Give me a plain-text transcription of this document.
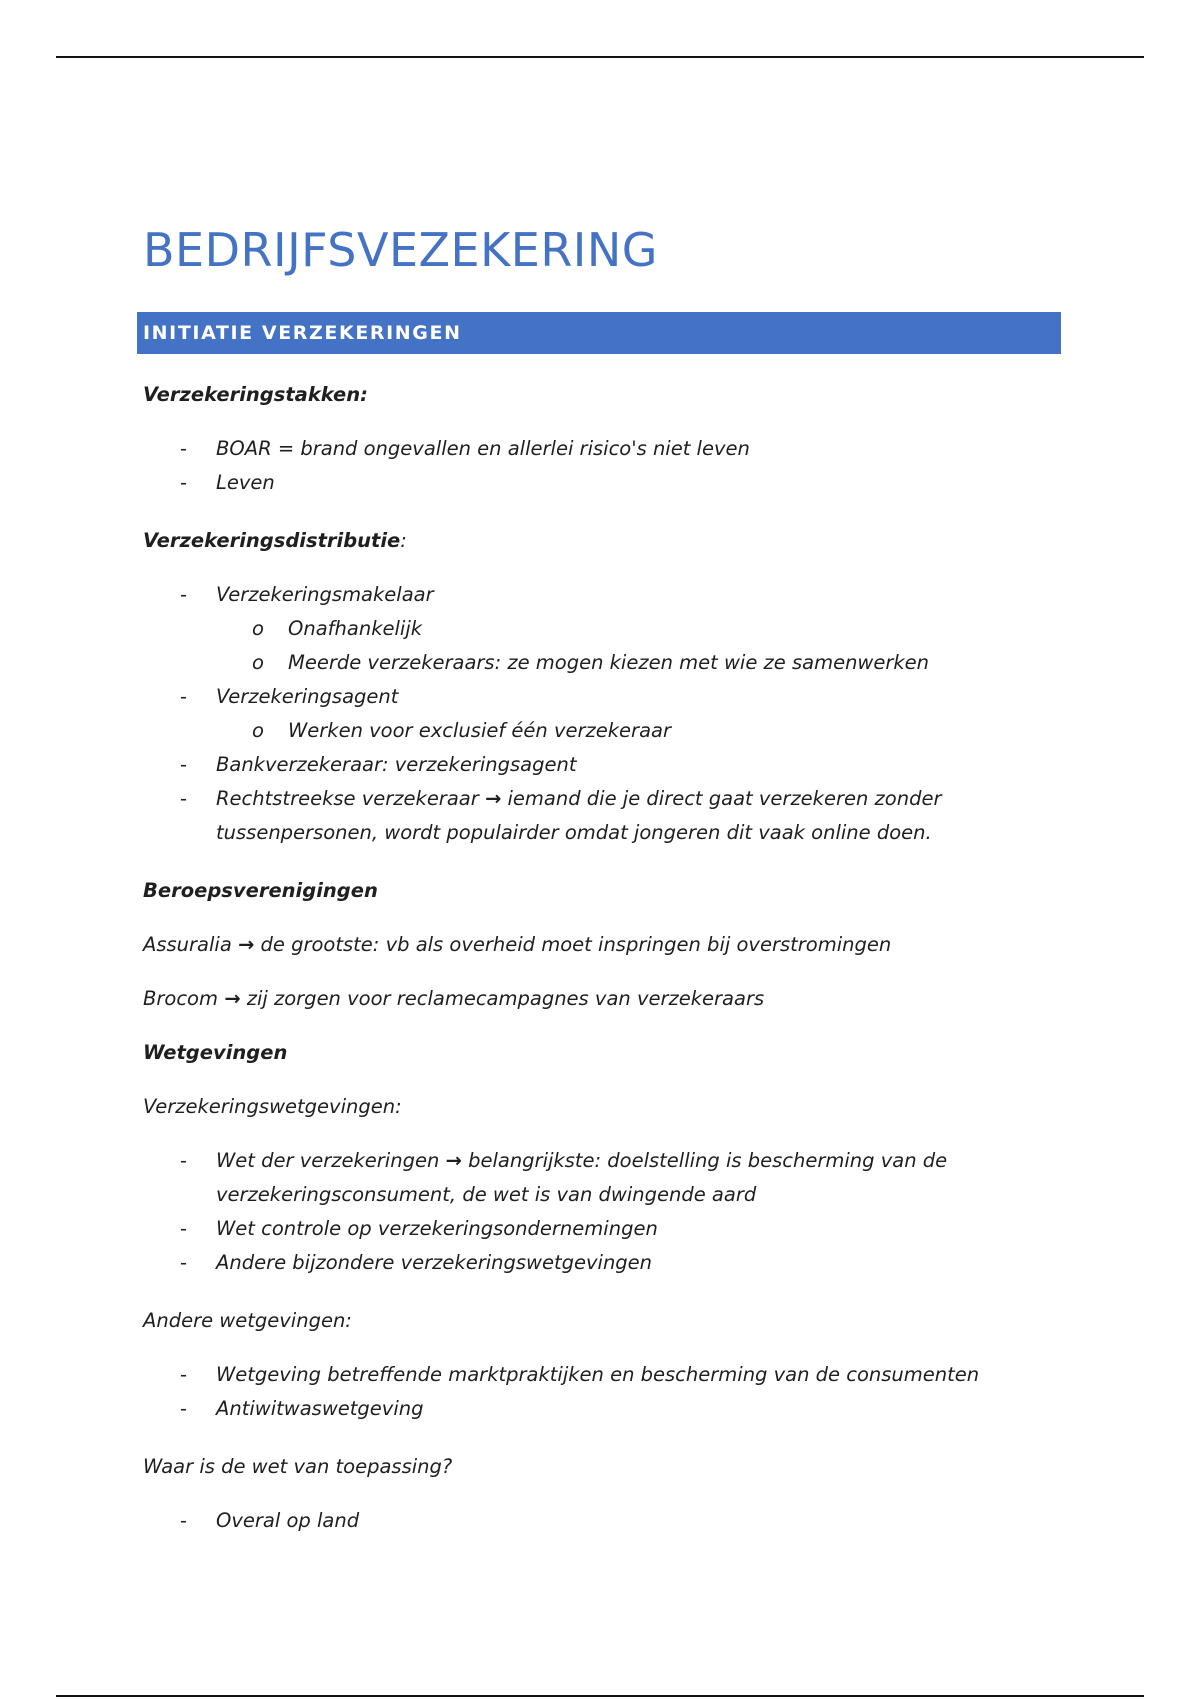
BEDRIJFSVEZEKERING
INITIATIE VERZEKERINGEN

Verzekeringstakken:

- BOAR = brand ongevallen en allerlei risico's niet leven
- Leven

Verzekeringsdistributie:

- Verzekeringsmakelaar
o Onafhankelijk
o Meerde verzekeraars: ze mogen kiezen met wie ze samenwerken
- Verzekeringsagent
o Werken voor exclusief één verzekeraar
- Bankverzekeraar: verzekeringsagent
- Rechtstreekse verzekeraar → iemand die je direct gaat verzekeren zonder
tussenpersonen, wordt populairder omdat jongeren dit vaak online doen.

Beroepsverenigingen

Assuralia → de grootste: vb als overheid moet inspringen bij overstromingen

Brocom → zij zorgen voor reclamecampagnes van verzekeraars

Wetgevingen

Verzekeringswetgevingen:

- Wet der verzekeringen → belangrijkste: doelstelling is bescherming van de
verzekeringsconsument, de wet is van dwingende aard
- Wet controle op verzekeringsondernemingen
- Andere bijzondere verzekeringswetgevingen

Andere wetgevingen:

- Wetgeving betreffende marktpraktijken en bescherming van de consumenten
- Antiwitwaswetgeving

Waar is de wet van toepassing?

- Overal op land
